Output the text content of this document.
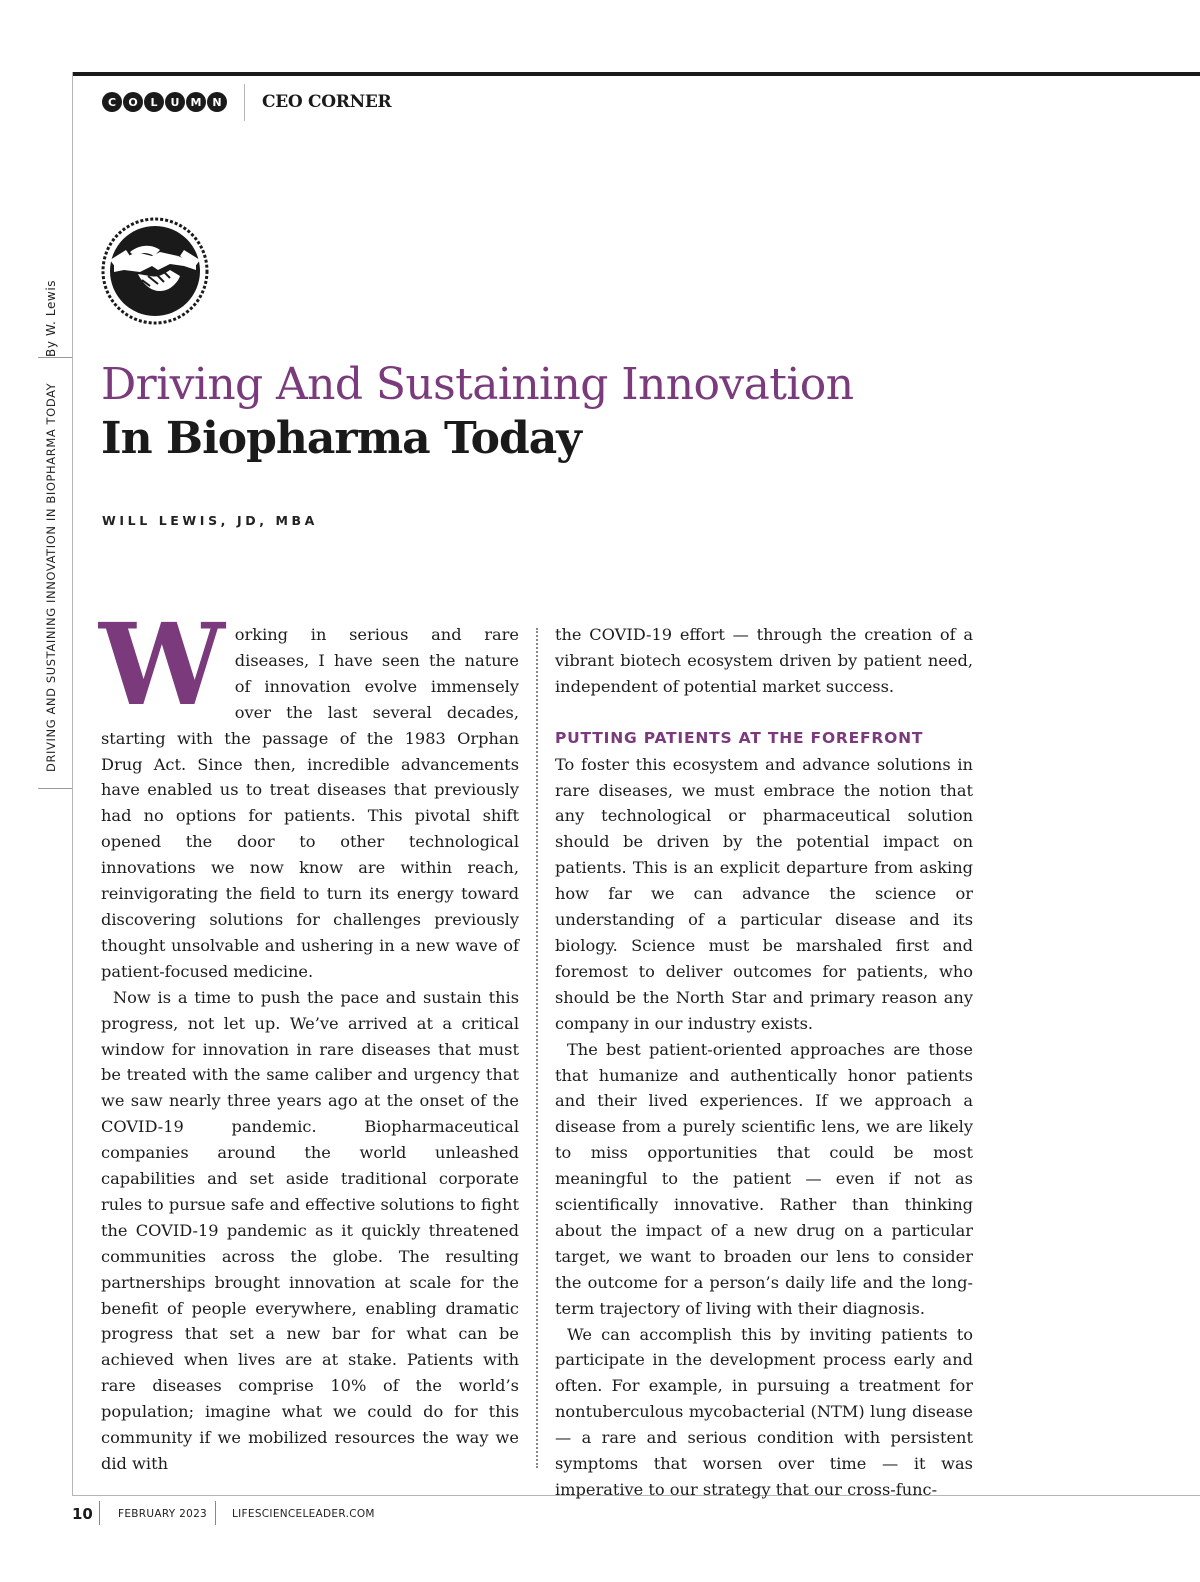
C	O	L	U	M N	CEO CORNER
By W. Lewis
DRIVING AND SUSTAINING INNOVATION IN BIOPHARMA TODAY Driving And Sustaining Innovation
In Biopharma Today
WILL LEWIS, JD, MBA

Working in serious and rare diseases, I have seen the nature of innovation evolve immensely over the last several decades, starting with the passage of the 1983 Orphan Drug Act. Since then, incredible advancements have enabled us to treat diseases that previously had no options for patients. This pivotal shift opened the door to other technological innovations we now know are within reach, reinvigorating the field to turn its energy toward discovering solutions for challenges previously thought unsolvable and ushering in a new wave of patient-focused medicine.

Now is a time to push the pace and sustain this progress, not let up. We’ve arrived at a critical window for innovation in rare diseases that must be treated with the same caliber and urgency that we saw nearly three years ago at the onset of the COVID-19 pandemic. Biopharmaceutical companies around the world unleashed capabilities and set aside traditional corporate rules to pursue safe and effective solutions to fight the COVID-19 pandemic as it quickly threatened communities across the globe. The resulting partnerships brought innovation at scale for the benefit of people everywhere, enabling dramatic progress that set a new bar for what can be achieved when lives are at stake. Patients with rare diseases comprise 10% of the world’s population; imagine what we could do for this community if we mobilized resources the way we did with

the COVID-19 effort — through the creation of a vibrant biotech ecosystem driven by patient need, independent of potential market success.

PUTTING PATIENTS AT THE FOREFRONT

To foster this ecosystem and advance solutions in rare diseases, we must embrace the notion that any technological or pharmaceutical solution should be driven by the potential impact on patients. This is an explicit departure from asking how far we can advance the science or understanding of a particular disease and its biology. Science must be marshaled first and foremost to deliver outcomes for patients, who should be the North Star and primary reason any company in our industry exists.

The best patient-oriented approaches are those that humanize and authentically honor patients and their lived experiences. If we approach a disease from a purely scientific lens, we are likely to miss opportunities that could be most meaningful to the patient — even if not as scientifically innovative. Rather than thinking about the impact of a new drug on a particular target, we want to broaden our lens to consider the outcome for a person’s daily life and the long-term trajectory of living with their diagnosis.

We can accomplish this by inviting patients to participate in the development process early and often. For example, in pursuing a treatment for nontuberculous mycobacterial (NTM) lung disease — a rare and serious condition with persistent symptoms that worsen over time — it was imperative to our strategy that our cross-func-

10 FEBRUARY 2023 LIFESCIENCELEADER.COM
